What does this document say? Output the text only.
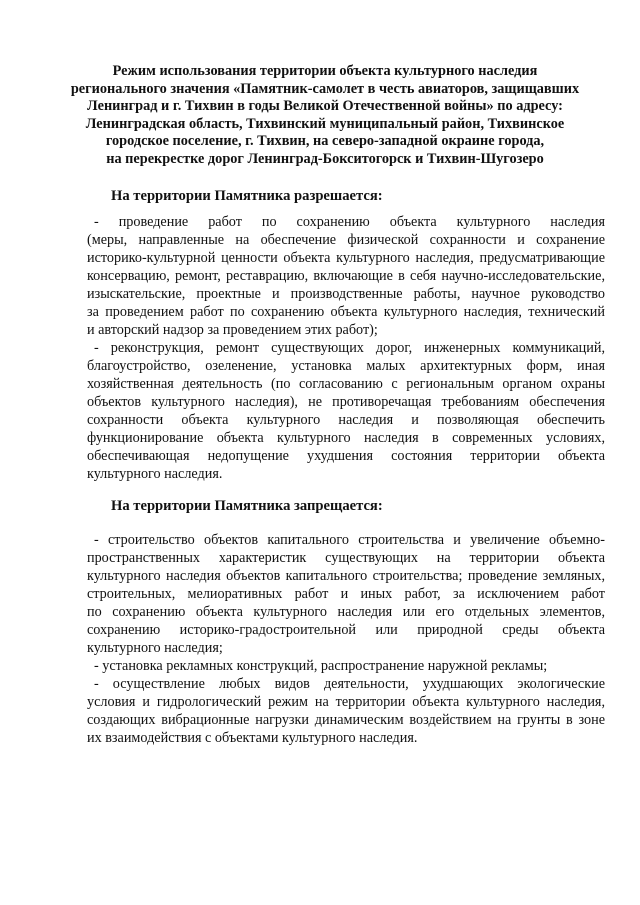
Режим использования территории объекта культурного наследия
регионального значения «Памятник-самолет в честь авиаторов, защищавших
Ленинград и г. Тихвин в годы Великой Отечественной войны» по адресу:
Ленинградская область, Тихвинский муниципальный район, Тихвинское
городское поселение, г. Тихвин, на северо-западной окраине города,
на перекрестке дорог Ленинград-Бокситогорск и Тихвин-Шугозеро

На территории Памятника разрешается:

- проведение работ по сохранению объекта культурного наследия
(меры, направленные на обеспечение физической сохранности и сохранение
историко-культурной ценности объекта культурного наследия, предусматривающие
консервацию, ремонт, реставрацию, включающие в себя научно-исследовательские,
изыскательские, проектные и производственные работы, научное руководство
за проведением работ по сохранению объекта культурного наследия, технический
и авторский надзор за проведением этих работ);
- реконструкция, ремонт существующих дорог, инженерных коммуникаций,
благоустройство, озеленение, установка малых архитектурных форм, иная
хозяйственная деятельность (по согласованию с региональным органом охраны
объектов культурного наследия), не противоречащая требованиям обеспечения
сохранности объекта культурного наследия и позволяющая обеспечить
функционирование объекта культурного наследия в современных условиях,
обеспечивающая недопущение ухудшения состояния территории объекта
культурного наследия.

На территории Памятника запрещается:

- строительство объектов капитального строительства и увеличение объемно-
пространственных характеристик существующих на территории объекта
культурного наследия объектов капитального строительства; проведение земляных,
строительных, мелиоративных работ и иных работ, за исключением работ
по сохранению объекта культурного наследия или его отдельных элементов,
сохранению историко-градостроительной или природной среды объекта
культурного наследия;
- установка рекламных конструкций, распространение наружной рекламы;
- осуществление любых видов деятельности, ухудшающих экологические
условия и гидрологический режим на территории объекта культурного наследия,
создающих вибрационные нагрузки динамическим воздействием на грунты в зоне
их взаимодействия с объектами культурного наследия.
